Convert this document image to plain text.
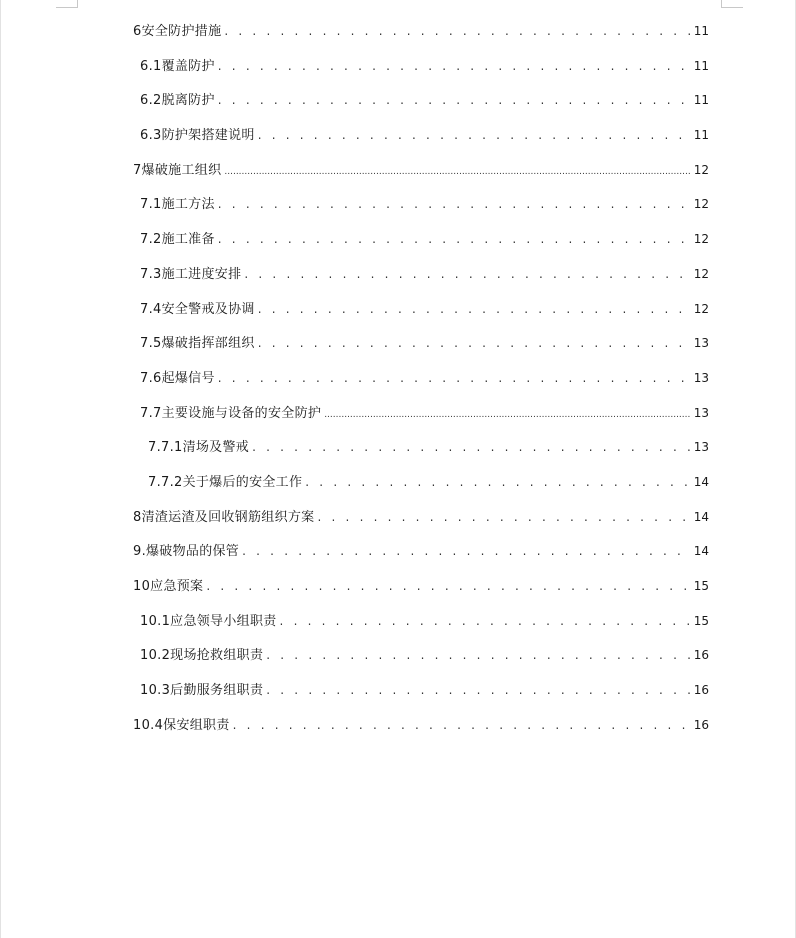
6安全防护措施 . . .	11
6.1覆盖防护 . . .	11
6.2脱离防护 . . .	11
6.3防护架搭建说明 . . .	11
7爆破施工组织 .....	12
7.1施工方法 . . .	12
7.2施工准备 . . .	12
7.3施工进度安排 . . .	12
7.4安全警戒及协调 . . .	12
7.5爆破指挥部组织 . . .	13
7.6起爆信号 . . .	13
7.7主要设施与设备的安全防护 .....	13
7.7.1清场及警戒 . . .	13
7.7.2关于爆后的安全工作 . . .	14
8清渣运渣及回收钢筋组织方案 . . .	14
9.爆破物品的保管 . . .	14
10应急预案 . . .	15
10.1应急领导小组职责 . . .	15
10.2现场抢救组职责 . . .	16
10.3后勤服务组职责 . . .	16
10.4保安组职责 . . .	16
